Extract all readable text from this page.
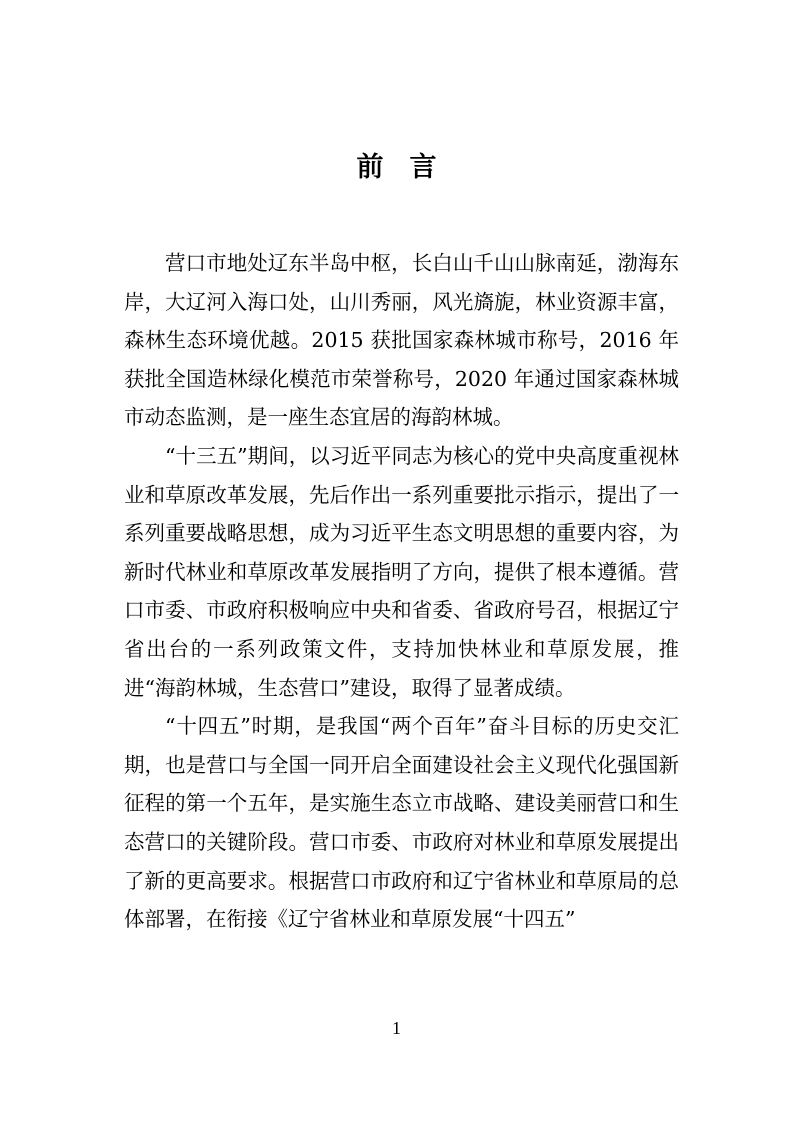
前言

营口市地处辽东半岛中枢，长白山千山山脉南延，渤海东岸，大辽河入海口处，山川秀丽，风光旖旎，林业资源丰富，森林生态环境优越。2015 获批国家森林城市称号，2016 年获批全国造林绿化模范市荣誉称号，2020 年通过国家森林城市动态监测，是一座生态宜居的海韵林城。

“十三五”期间，以习近平同志为核心的党中央高度重视林业和草原改革发展，先后作出一系列重要批示指示，提出了一系列重要战略思想，成为习近平生态文明思想的重要内容，为新时代林业和草原改革发展指明了方向，提供了根本遵循。营口市委、市政府积极响应中央和省委、省政府号召，根据辽宁省出台的一系列政策文件，支持加快林业和草原发展，推进“海韵林城，生态营口”建设，取得了显著成绩。

“十四五”时期，是我国“两个百年”奋斗目标的历史交汇期，也是营口与全国一同开启全面建设社会主义现代化强国新征程的第一个五年，是实施生态立市战略、建设美丽营口和生态营口的关键阶段。营口市委、市政府对林业和草原发展提出了新的更高要求。根据营口市政府和辽宁省林业和草原局的总体部署，在衔接《辽宁省林业和草原发展“十四五”

1
